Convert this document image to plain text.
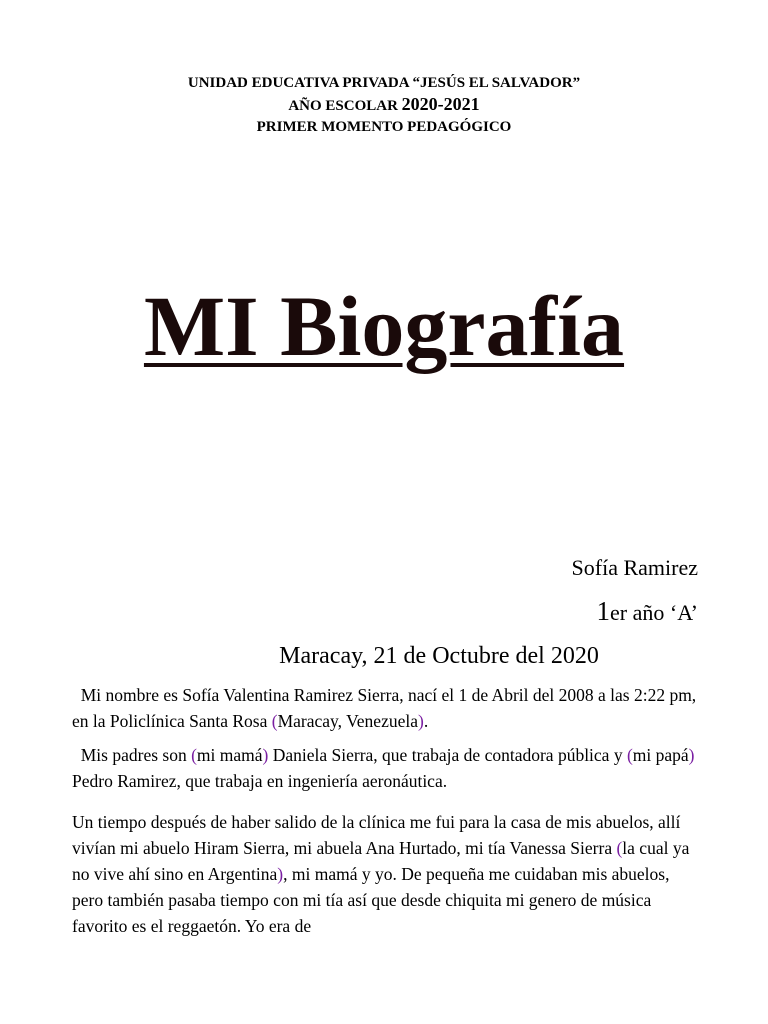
UNIDAD EDUCATIVA PRIVADA “JESÚS EL SALVADOR”
AÑO ESCOLAR 2020-2021
PRIMER MOMENTO PEDAGÓGICO
MI Biografía
Sofía Ramirez
1er año ‘A’
Maracay, 21 de Octubre del 2020
Mi nombre es Sofía Valentina Ramirez Sierra, nací el 1 de Abril del 2008 a las 2:22 pm, en la Policlínica Santa Rosa (Maracay, Venezuela).
Mis padres son (mi mamá) Daniela Sierra, que trabaja de contadora pública y (mi papá) Pedro Ramirez, que trabaja en ingeniería aeronáutica.
Un tiempo después de haber salido de la clínica me fui para la casa de mis abuelos, allí vivían mi abuelo Hiram Sierra, mi abuela Ana Hurtado, mi tía Vanessa Sierra (la cual ya no vive ahí sino en Argentina), mi mamá y yo. De pequeña me cuidaban mis abuelos, pero también pasaba tiempo con mi tía así que desde chiquita mi genero de música favorito es el reggaetón. Yo era de
